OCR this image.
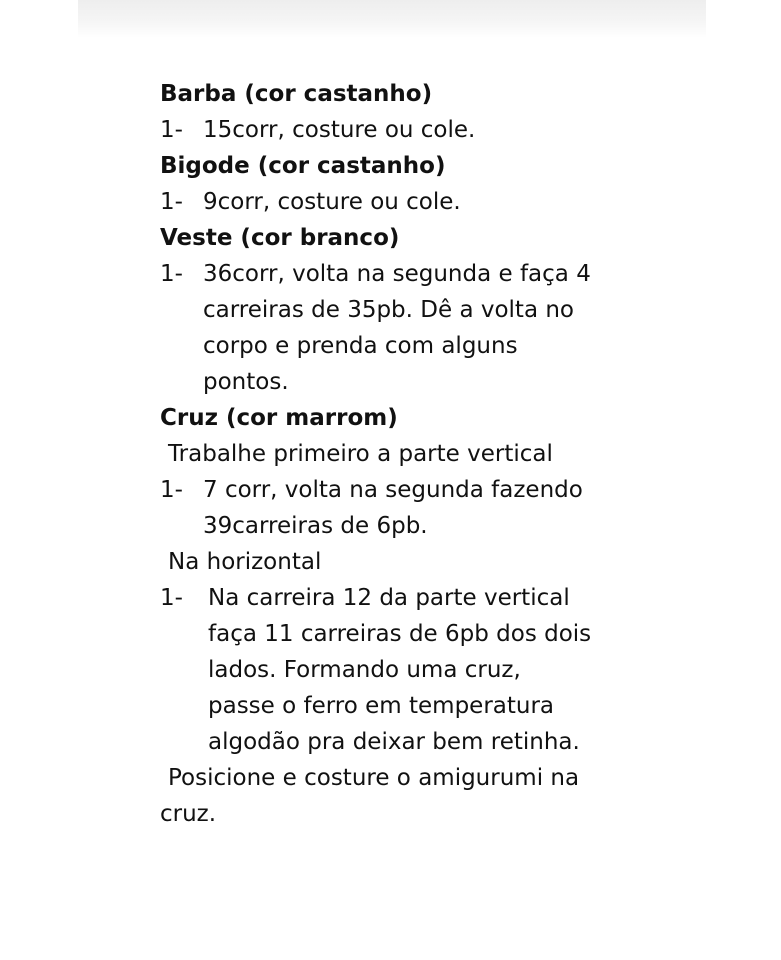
Barba (cor castanho)
1- 15corr, costure ou cole.
Bigode (cor castanho)
1- 9corr, costure ou cole.
Veste (cor branco)
1- 36corr, volta na segunda e faça 4
carreiras de 35pb. Dê a volta no
corpo e prenda com alguns
pontos.
Cruz (cor marrom)
Trabalhe primeiro a parte vertical
1- 7 corr, volta na segunda fazendo
39carreiras de 6pb.
Na horizontal
1- Na carreira 12 da parte vertical
faça 11 carreiras de 6pb dos dois
lados. Formando uma cruz,
passe o ferro em temperatura
algodão pra deixar bem retinha.
Posicione e costure o amigurumi na
cruz.
